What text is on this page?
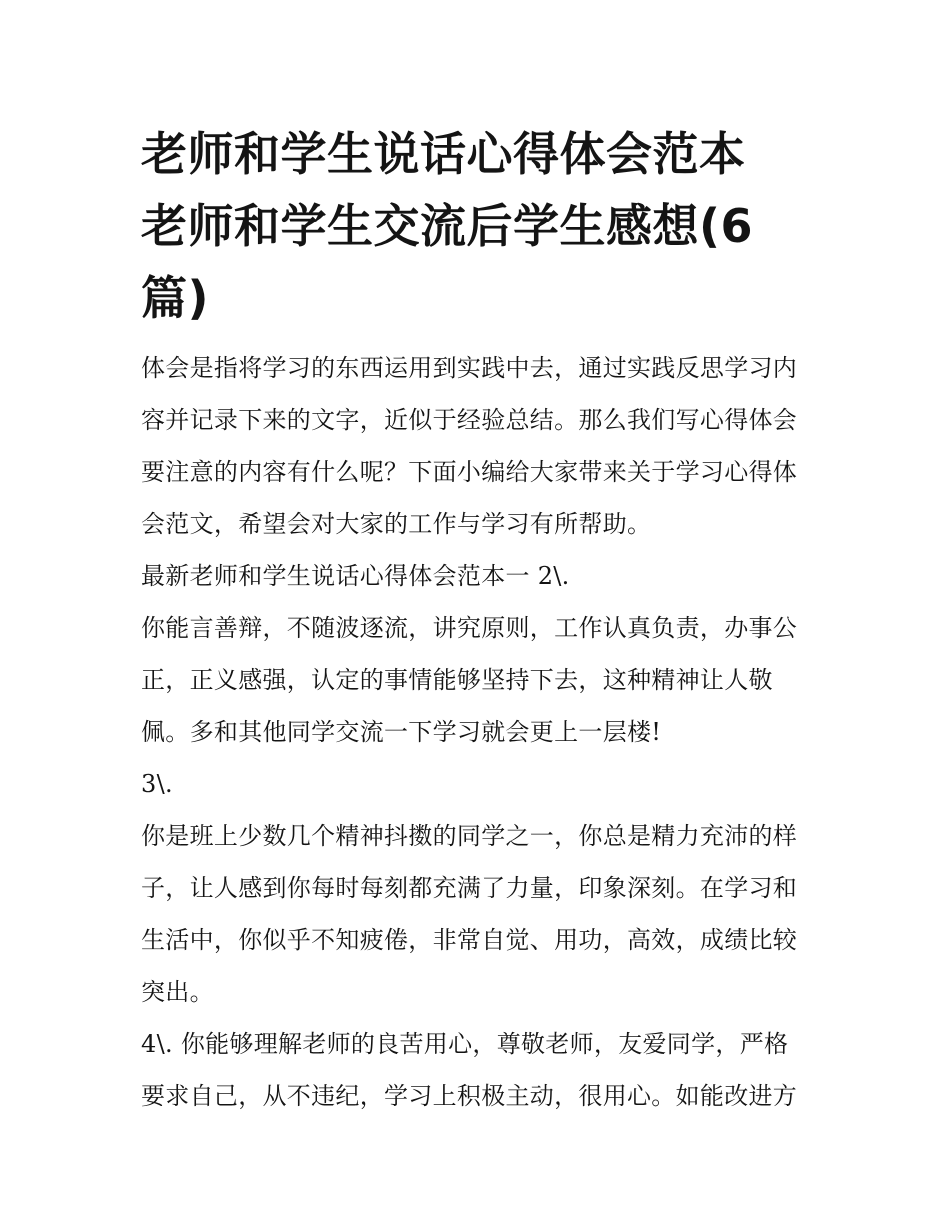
老师和学生说话心得体会范本
老师和学生交流后学生感想(6
篇)

体会是指将学习的东西运用到实践中去，通过实践反思学习内
容并记录下来的文字，近似于经验总结。那么我们写心得体会
要注意的内容有什么呢？下面小编给大家带来关于学习心得体
会范文，希望会对大家的工作与学习有所帮助。

最新老师和学生说话心得体会范本一 2\.

你能言善辩，不随波逐流，讲究原则，工作认真负责，办事公
正，正义感强，认定的事情能够坚持下去，这种精神让人敬
佩。多和其他同学交流一下学习就会更上一层楼!

3\.

你是班上少数几个精神抖擞的同学之一，你总是精力充沛的样
子，让人感到你每时每刻都充满了力量，印象深刻。在学习和
生活中，你似乎不知疲倦，非常自觉、用功，高效，成绩比较
突出。

4\. 你能够理解老师的良苦用心，尊敬老师，友爱同学，严格
要求自己，从不违纪，学习上积极主动，很用心。如能改进方
